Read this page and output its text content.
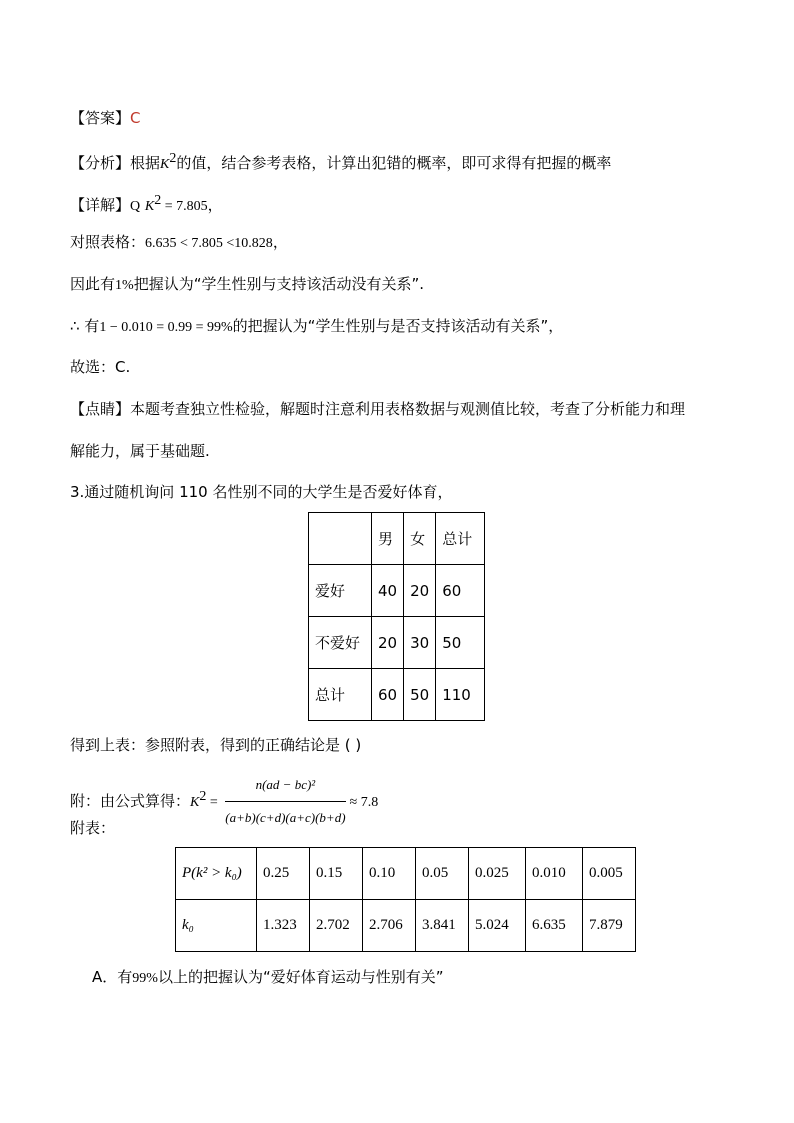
【答案】C
【分析】根据$K^2$的值，结合参考表格，计算出犯错的概率，即可求得有把握的概率
【详解】Q $K^2 = 7.805$，
对照表格：6.635 < 7.805 <10.828，
因此有1%把握认为“学生性别与支持该活动没有关系”.
∴ 有1 − 0.010 = 0.99 = 99%的把握认为“学生性别与是否支持该活动有关系”，
故选：C.
【点睛】本题考查独立性检验，解题时注意利用表格数据与观测值比较，考查了分析能力和理
解能力，属于基础题.
3.通过随机询问 110 名性别不同的大学生是否爱好体育，
	男	女	总计
爱好	40	20	60
不爱好	20	30	50
总计	60	50	110
得到上表：参照附表，得到的正确结论是 ( )
附：由公式算得：$K^2 = \frac{\text{n(ad − bc)²}}{(a+b)(c+d)(a+c)(b+d)} \approx 7.8$
附表：
P(k² > k₀)	0.25	0.15	0.10	0.05	0.025	0.010	0.005
k₀	1.323	2.702	2.706	3.841	5.024	6.635	7.879
A．有99%以上的把握认为“爱好体育运动与性别有关”
